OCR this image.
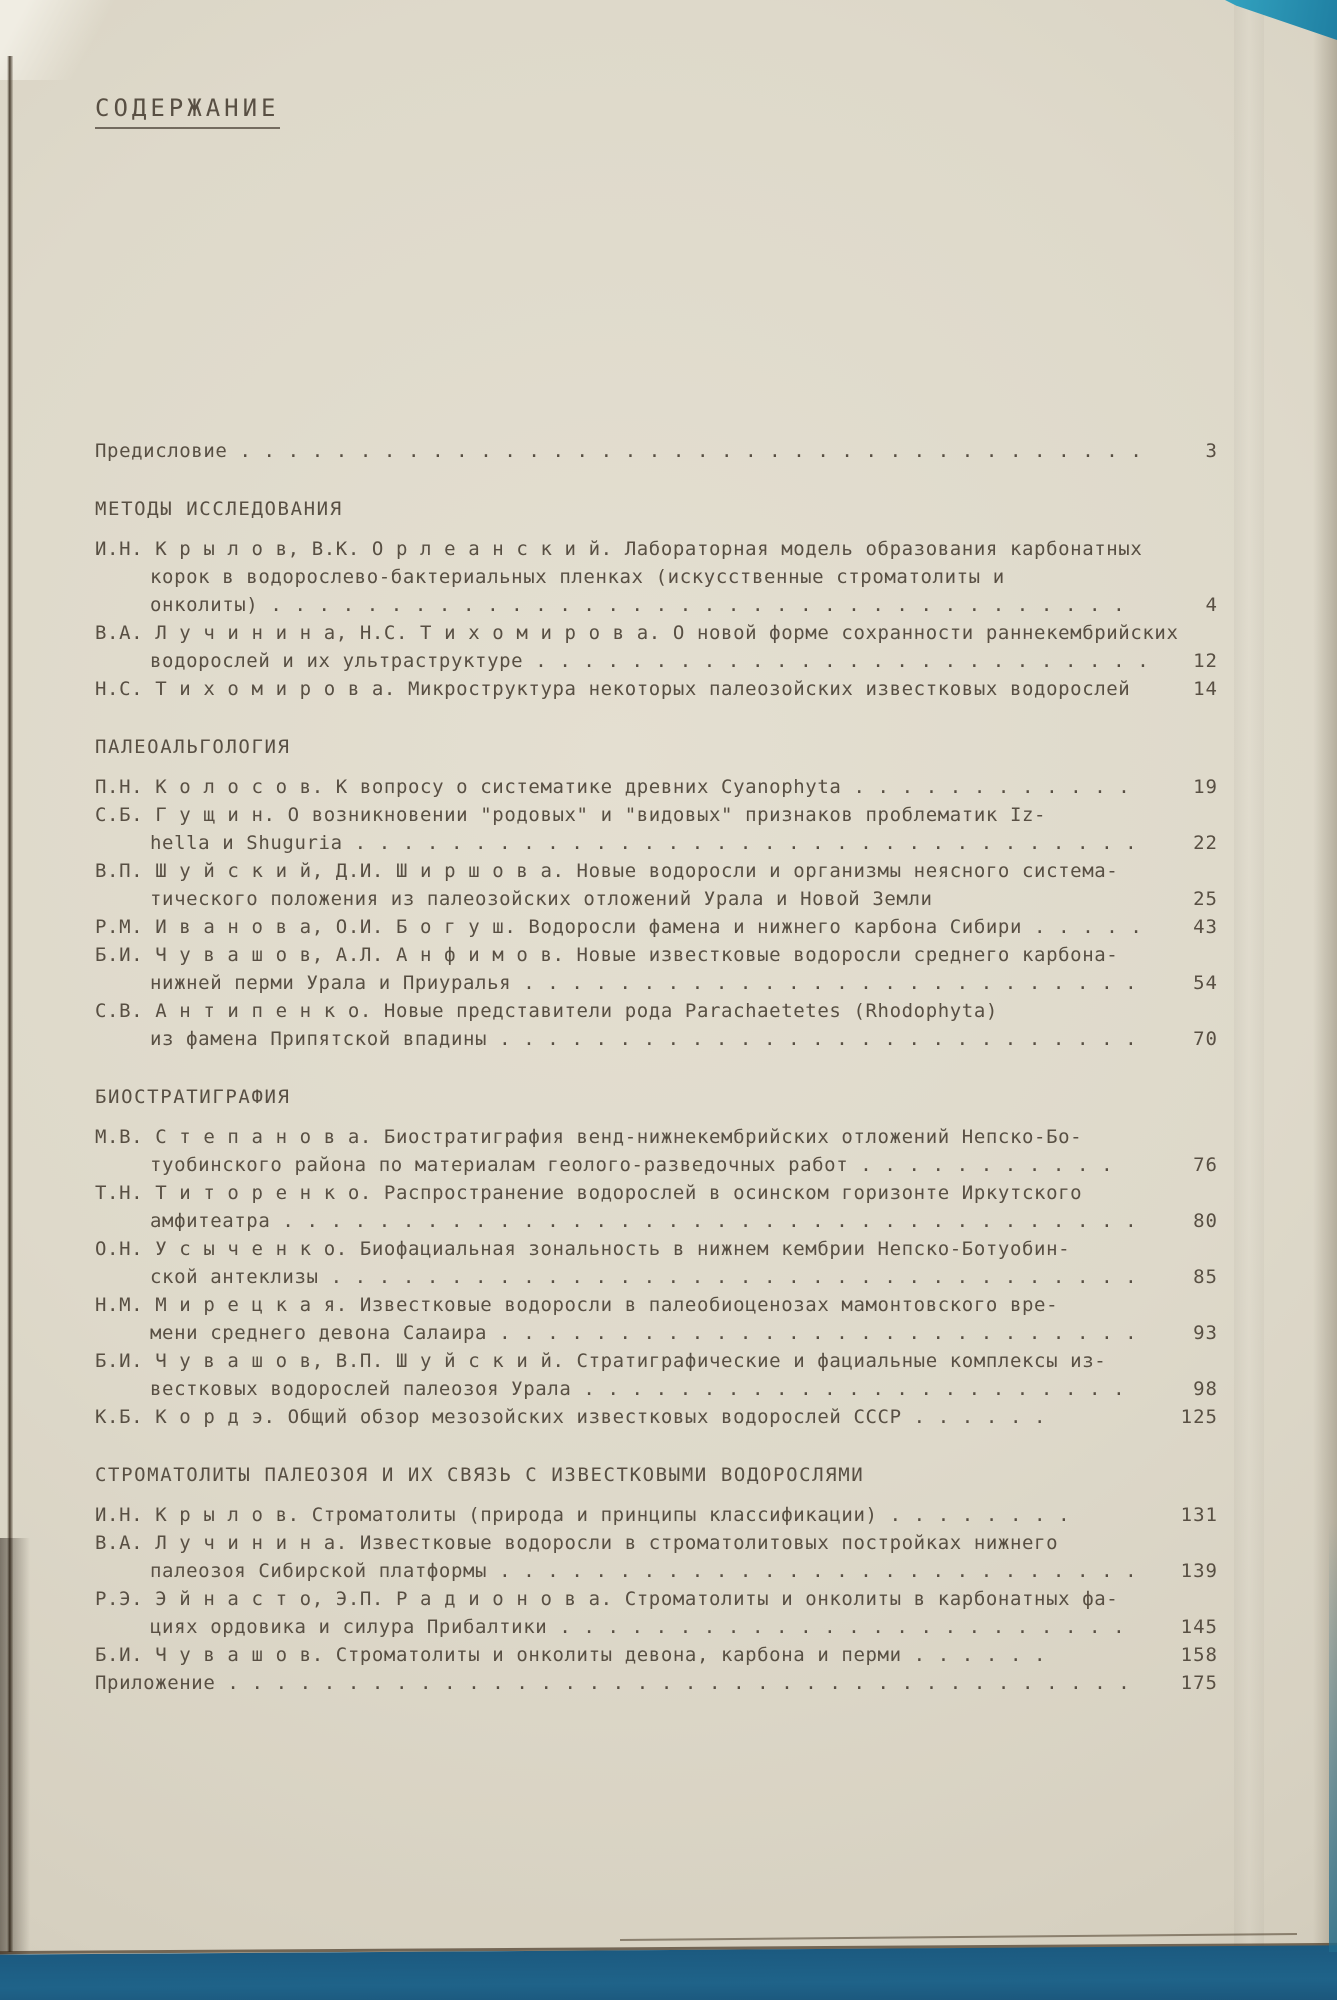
СОДЕРЖАНИЕ
Предисловие . . . . . . . . . . . . . . . . . . . . . . . . . . . . . . . . . . . . . .	3
МЕТОДЫ ИССЛЕДОВАНИЯ
И.Н. К р ы л о в, В.К. О р л е а н с к и й. Лабораторная модель образования карбонатных
корок в водорослево-бактериальных пленках (искусственные строматолиты и
онколиты) . . . . . . . . . . . . . . . . . . . . . . . . . . . . . . . . . . . .	4
В.А. Л у ч и н и н а, Н.С. Т и х о м и р о в а. О новой форме сохранности раннекембрийских
водорослей и их ультраструктуре . . . . . . . . . . . . . . . . . . . . . . . . . .	12
Н.С. Т и х о м и р о в а. Микроструктура некоторых палеозойских известковых водорослей	14
ПАЛЕОАЛЬГОЛОГИЯ
П.Н. К о л о с о в. К вопросу о систематике древних Cyanophyta . . . . . . . . . . . .	19
С.Б. Г у щ и н. О возникновении "родовых" и "видовых" признаков проблематик Iz-
hella и Shuguria . . . . . . . . . . . . . . . . . . . . . . . . . . . . . . . . .	22
В.П. Ш у й с к и й, Д.И. Ш и р ш о в а. Новые водоросли и организмы неясного система-
тического положения из палеозойских отложений Урала и Новой Земли	25
Р.М. И в а н о в а, О.И. Б о г у ш. Водоросли фамена и нижнего карбона Сибири . . . . .	43
Б.И. Ч у в а ш о в, А.Л. А н ф и м о в. Новые известковые водоросли среднего карбона-
нижней перми Урала и Приуралья . . . . . . . . . . . . . . . . . . . . . . . . . .	54
С.В. А н т и п е н к о. Новые представители рода Parachaetetes (Rhodophyta)
из фамена Припятской впадины . . . . . . . . . . . . . . . . . . . . . . . . . . .	70
БИОСТРАТИГРАФИЯ
М.В. С т е п а н о в а. Биостратиграфия венд-нижнекембрийских отложений Непско-Бо-
туобинского района по материалам геолого-разведочных работ . . . . . . . . . . .	76
Т.Н. Т и т о р е н к о. Распространение водорослей в осинском горизонте Иркутского
амфитеатра . . . . . . . . . . . . . . . . . . . . . . . . . . . . . . . . . . . .	80
О.Н. У с ы ч е н к о. Биофациальная зональность в нижнем кембрии Непско-Ботуобин-
ской антеклизы . . . . . . . . . . . . . . . . . . . . . . . . . . . . . . . . . .	85
Н.М. М и р е ц к а я. Известковые водоросли в палеобиоценозах мамонтовского вре-
мени среднего девона Салаира . . . . . . . . . . . . . . . . . . . . . . . . . . .	93
Б.И. Ч у в а ш о в, В.П. Ш у й с к и й. Стратиграфические и фациальные комплексы из-
вестковых водорослей палеозоя Урала . . . . . . . . . . . . . . . . . . . . . . .	98
К.Б. К о р д э. Общий обзор мезозойских известковых водорослей СССР . . . . . .	125
СТРОМАТОЛИТЫ ПАЛЕОЗОЯ И ИХ СВЯЗЬ С ИЗВЕСТКОВЫМИ ВОДОРОСЛЯМИ
И.Н. К р ы л о в. Строматолиты (природа и принципы классификации) . . . . . . . .	131
В.А. Л у ч и н и н а. Известковые водоросли в строматолитовых постройках нижнего
палеозоя Сибирской платформы . . . . . . . . . . . . . . . . . . . . . . . . . . .	139
Р.Э. Э й н а с т о, Э.П. Р а д и о н о в а. Строматолиты и онколиты в карбонатных фа-
циях ордовика и силура Прибалтики . . . . . . . . . . . . . . . . . . . . . . . .	145
Б.И. Ч у в а ш о в. Строматолиты и онколиты девона, карбона и перми . . . . . .	158
Приложение . . . . . . . . . . . . . . . . . . . . . . . . . . . . . . . . . . . . . .	175
